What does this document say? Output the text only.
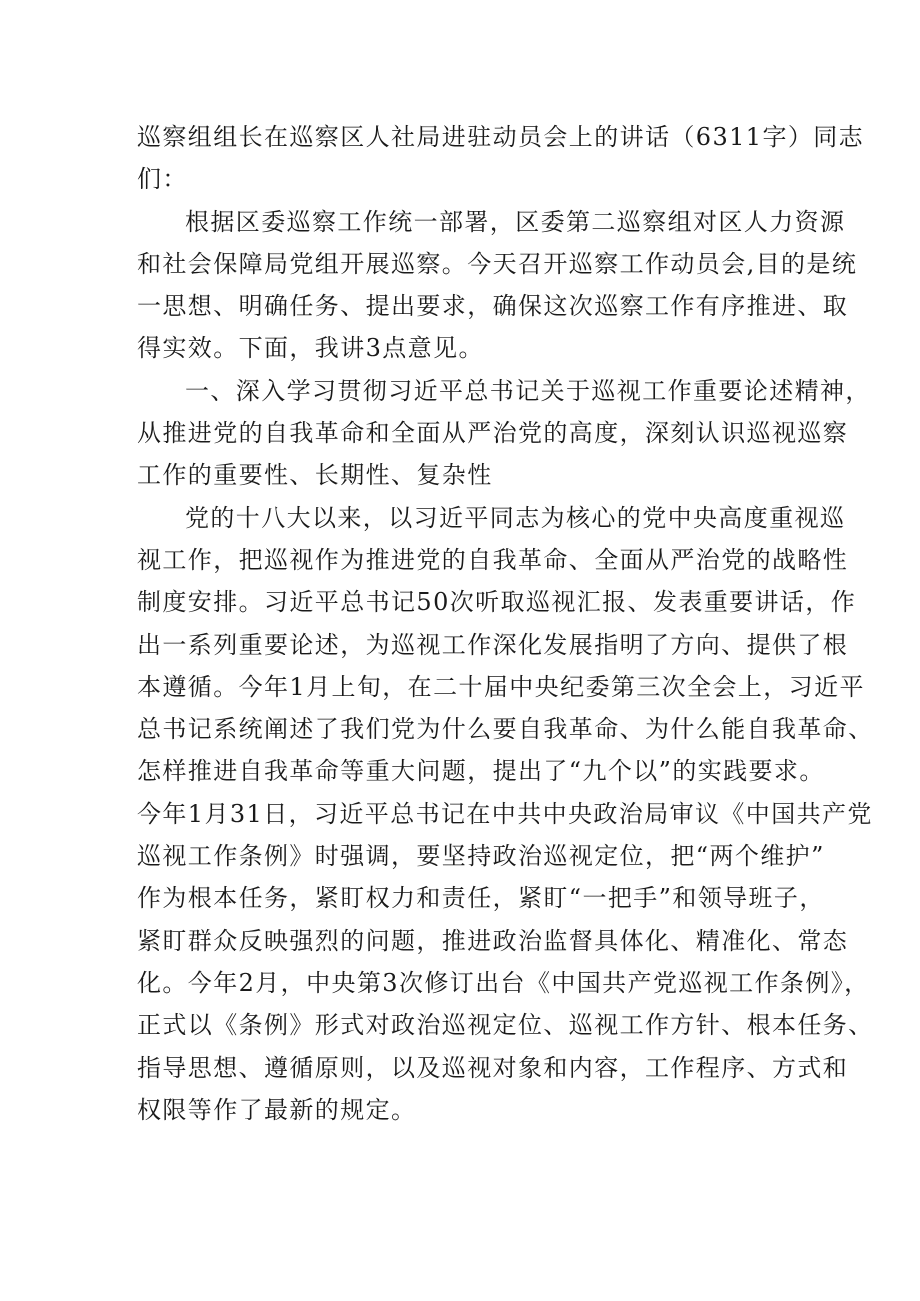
巡察组组长在巡察区人社局进驻动员会上的讲话（6311字）同志
们：
根据区委巡察工作统一部署，区委第二巡察组对区人力资源
和社会保障局党组开展巡察。今天召开巡察工作动员会,目的是统
一思想、明确任务、提出要求，确保这次巡察工作有序推进、取
得实效。下面，我讲3点意见。
一、深入学习贯彻习近平总书记关于巡视工作重要论述精神，
从推进党的自我革命和全面从严治党的高度，深刻认识巡视巡察
工作的重要性、长期性、复杂性
党的十八大以来，以习近平同志为核心的党中央高度重视巡
视工作，把巡视作为推进党的自我革命、全面从严治党的战略性
制度安排。习近平总书记50次听取巡视汇报、发表重要讲话，作
出一系列重要论述，为巡视工作深化发展指明了方向、提供了根
本遵循。今年1月上旬，在二十届中央纪委第三次全会上，习近平
总书记系统阐述了我们党为什么要自我革命、为什么能自我革命、
怎样推进自我革命等重大问题，提出了“九个以”的实践要求。
今年1月31日，习近平总书记在中共中央政治局审议《中国共产党
巡视工作条例》时强调，要坚持政治巡视定位，把“两个维护”
作为根本任务，紧盯权力和责任，紧盯“一把手”和领导班子，
紧盯群众反映强烈的问题，推进政治监督具体化、精准化、常态
化。今年2月，中央第3次修订出台《中国共产党巡视工作条例》，
正式以《条例》形式对政治巡视定位、巡视工作方针、根本任务、
指导思想、遵循原则，以及巡视对象和内容，工作程序、方式和
权限等作了最新的规定。
